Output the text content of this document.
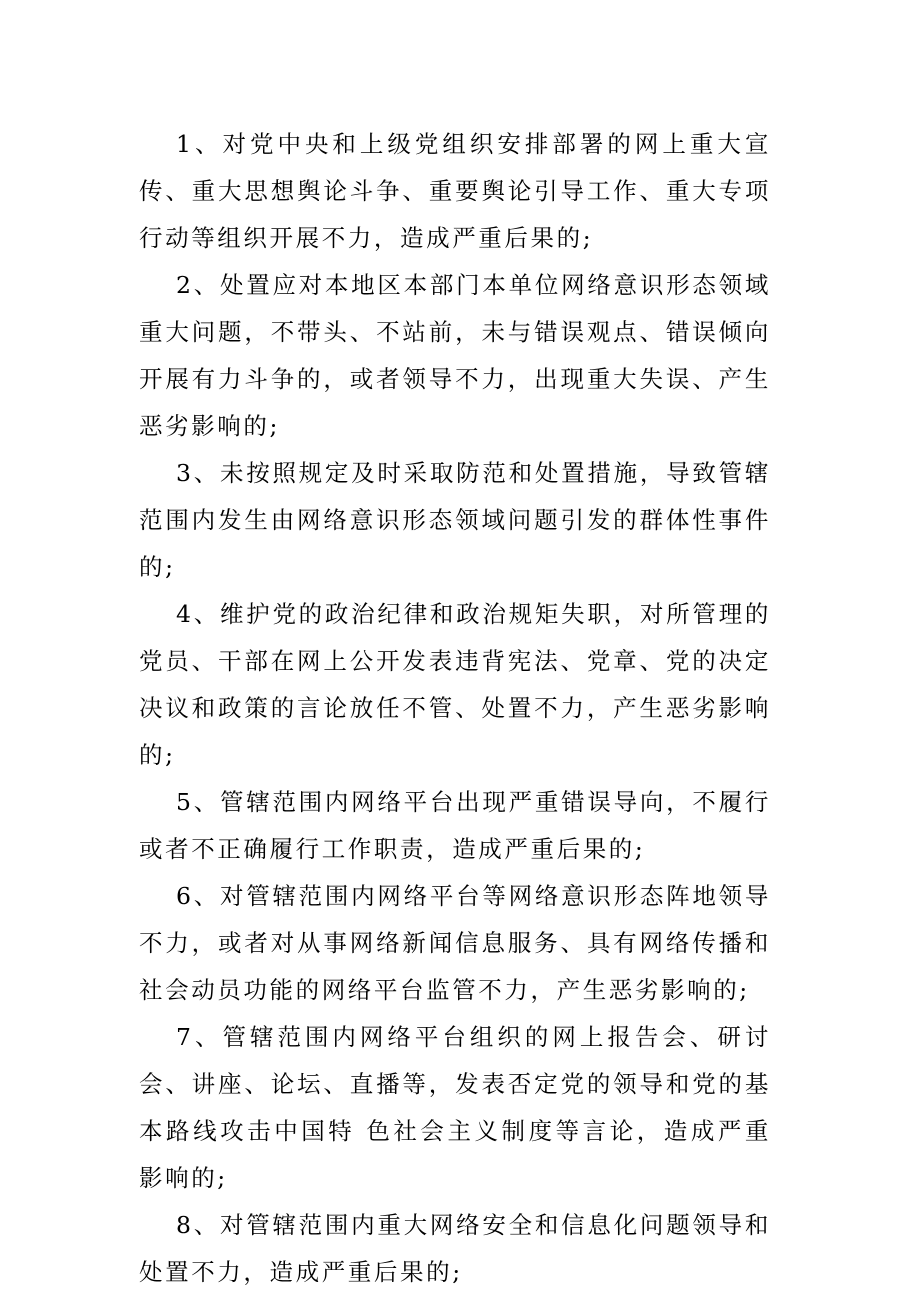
1、对党中央和上级党组织安排部署的网上重大宣传、重大思想舆论斗争、重要舆论引导工作、重大专项行动等组织开展不力，造成严重后果的;

2、处置应对本地区本部门本单位网络意识形态领域重大问题，不带头、不站前，未与错误观点、错误倾向开展有力斗争的，或者领导不力，出现重大失误、产生恶劣影响的;

3、未按照规定及时采取防范和处置措施，导致管辖范围内发生由网络意识形态领域问题引发的群体性事件的;

4、维护党的政治纪律和政治规矩失职，对所管理的党员、干部在网上公开发表违背宪法、党章、党的决定决议和政策的言论放任不管、处置不力，产生恶劣影响的;

5、管辖范围内网络平台出现严重错误导向，不履行或者不正确履行工作职责，造成严重后果的;

6、对管辖范围内网络平台等网络意识形态阵地领导不力，或者对从事网络新闻信息服务、具有网络传播和社会动员功能的网络平台监管不力，产生恶劣影响的;

7、管辖范围内网络平台组织的网上报告会、研讨会、讲座、论坛、直播等，发表否定党的领导和党的基本路线攻击中国特 色社会主义制度等言论，造成严重影响的;

8、对管辖范围内重大网络安全和信息化问题领导和处置不力，造成严重后果的;
